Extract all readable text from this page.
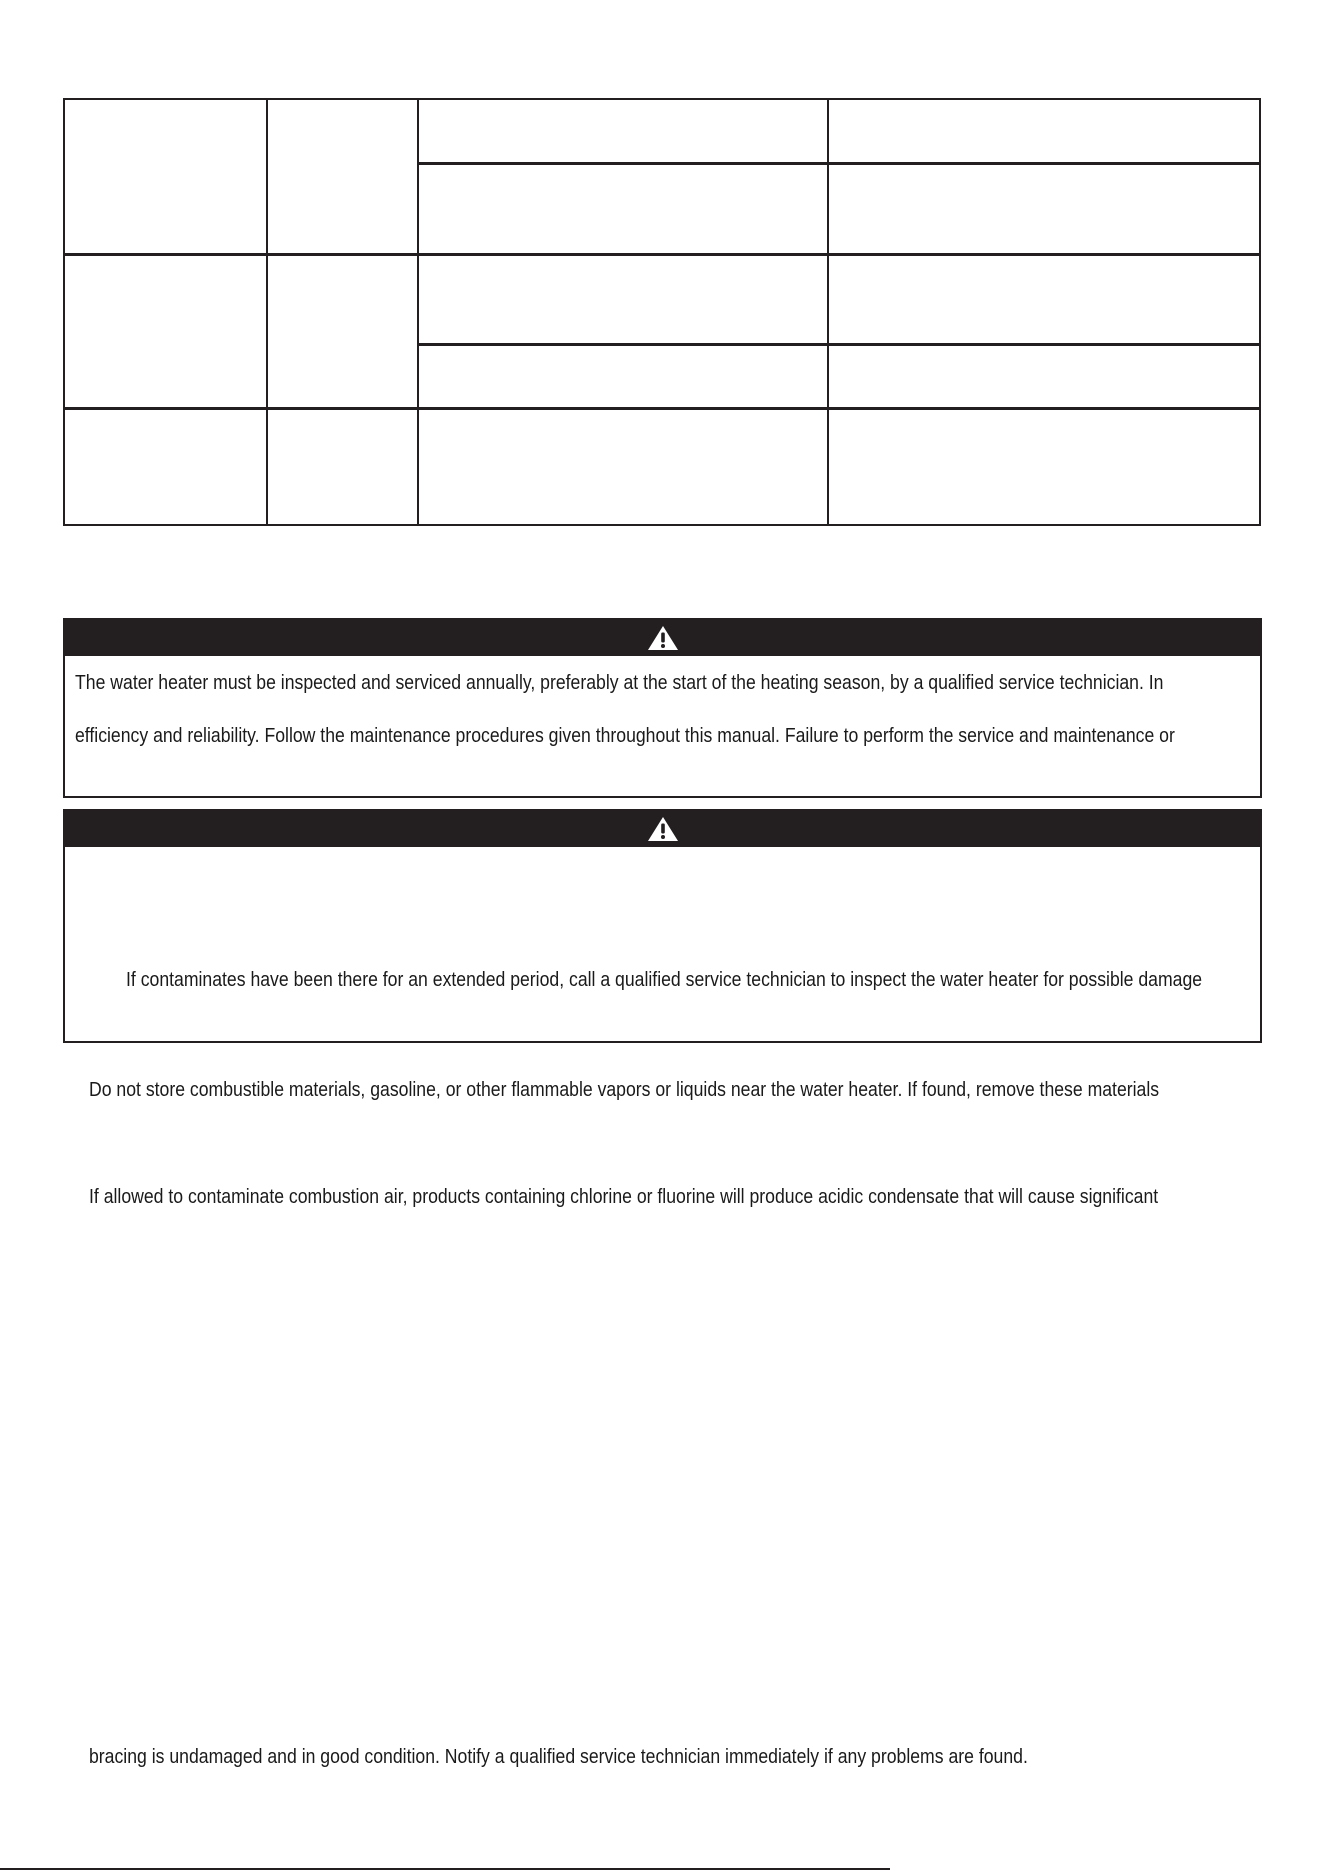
The water heater must be inspected and serviced annually, preferably at the start of the heating season, by a qualified service technician. In
efficiency and reliability. Follow the maintenance procedures given throughout this manual. Failure to perform the service and maintenance or
If contaminates have been there for an extended period, call a qualified service technician to inspect the water heater for possible damage
Do not store combustible materials, gasoline, or other flammable vapors or liquids near the water heater. If found, remove these materials
If allowed to contaminate combustion air, products containing chlorine or fluorine will produce acidic condensate that will cause significant
bracing is undamaged and in good condition. Notify a qualified service technician immediately if any problems are found.
